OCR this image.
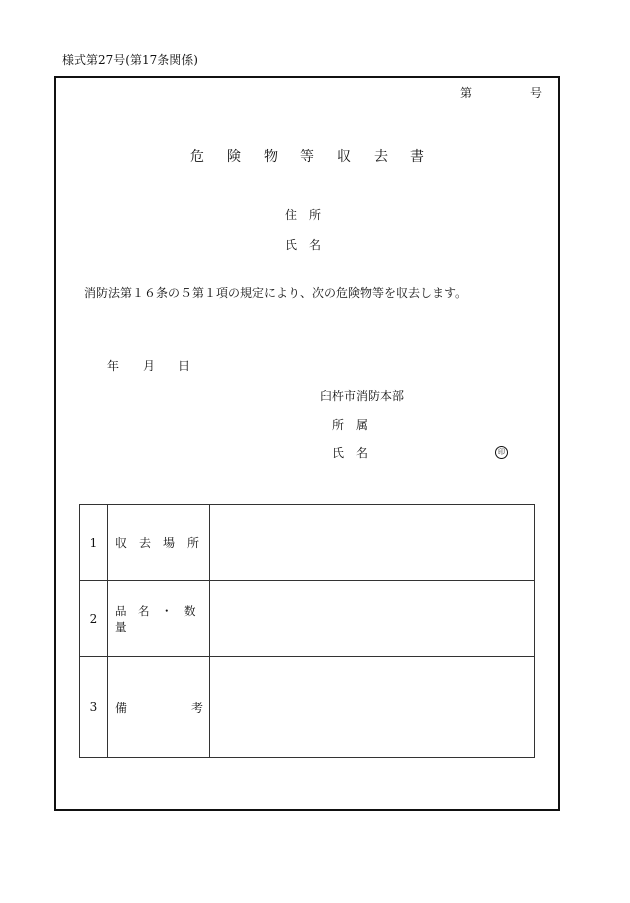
様式第27号(第17条関係)
第	号
危 険 物 等 収 去 書
住　所
氏　名
消防法第１６条の５第１項の規定により、次の危険物等を収去します。
年 月 日
臼杵市消防本部
所　属
氏　名	印
1	収　去　場　所	

2	品　名　・　数　量	

3	備 考	
